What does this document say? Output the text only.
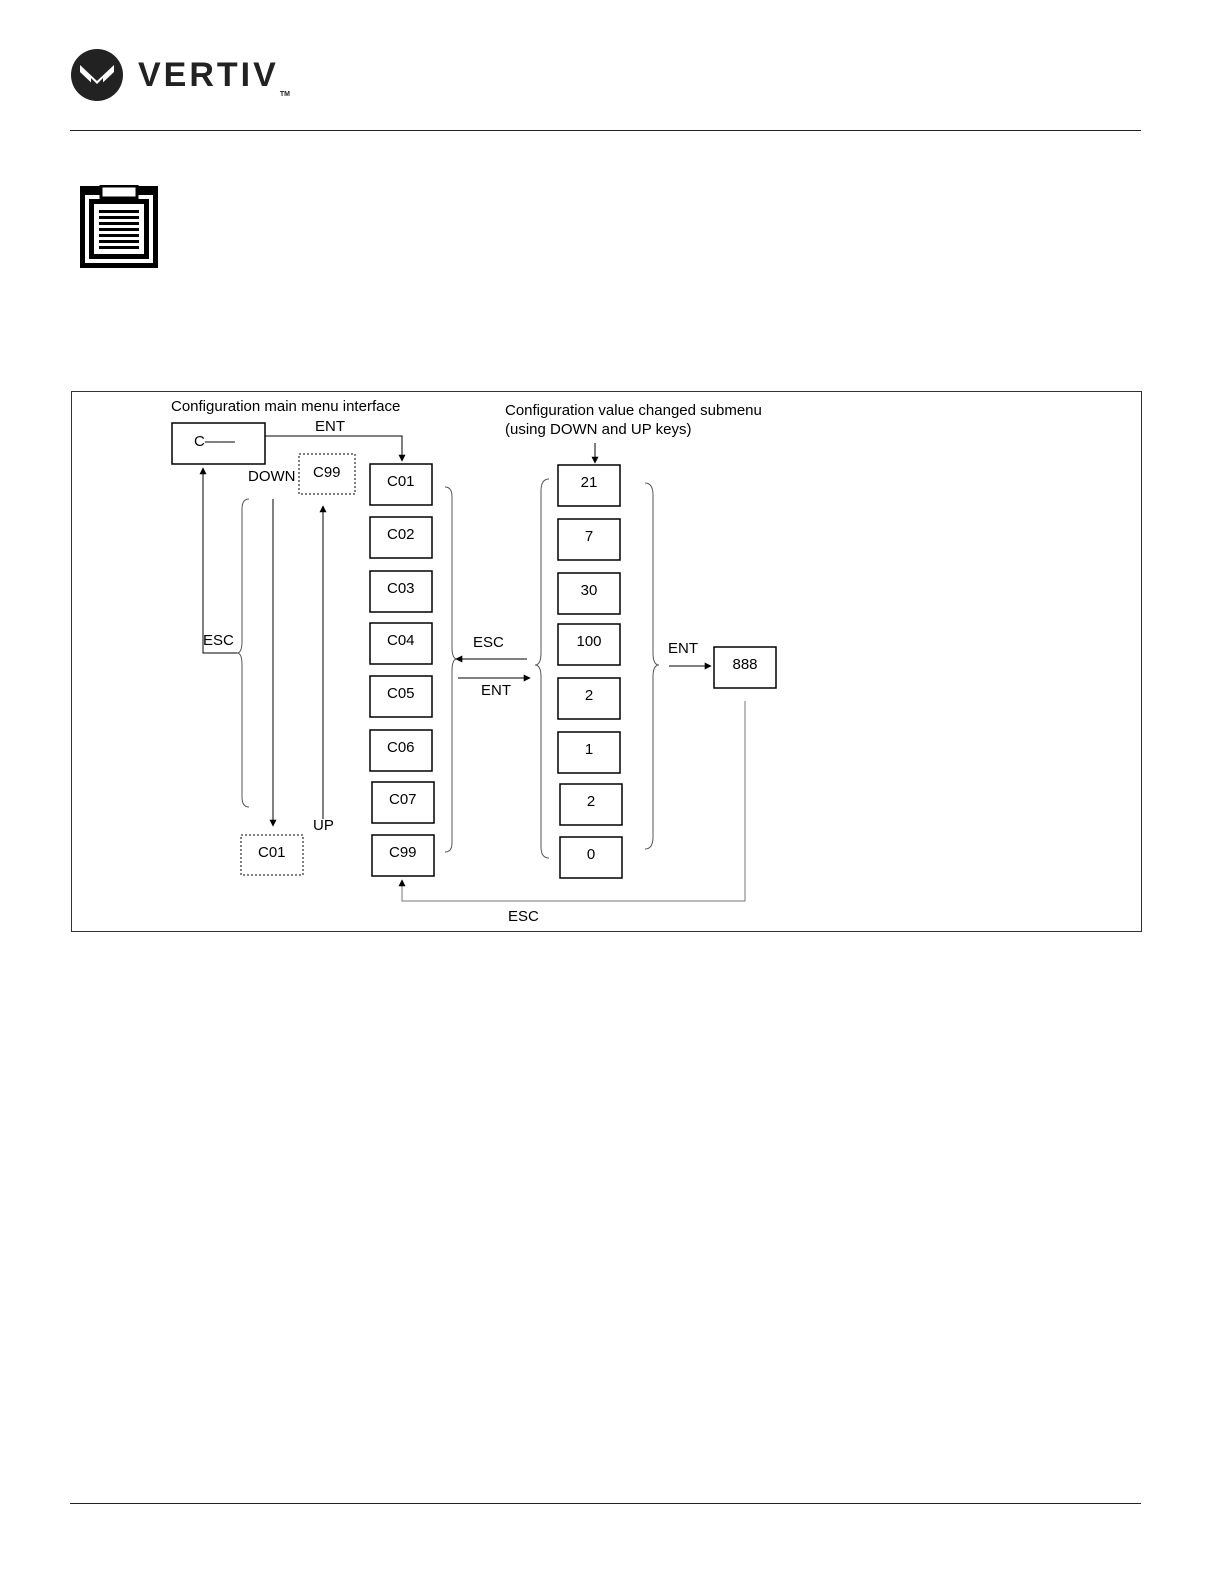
VERTIVTM
Configuration main menu interface	Configuration value changed submenu
(using DOWN and UP keys)
C——
ENT
ESC
DOWN
UP
C99
C01
C01
C02
C03
C04
C05
C06
C07
C99
ESC
ENT
21
7
30
100
2
1
2
0
ENT
888
ESC
